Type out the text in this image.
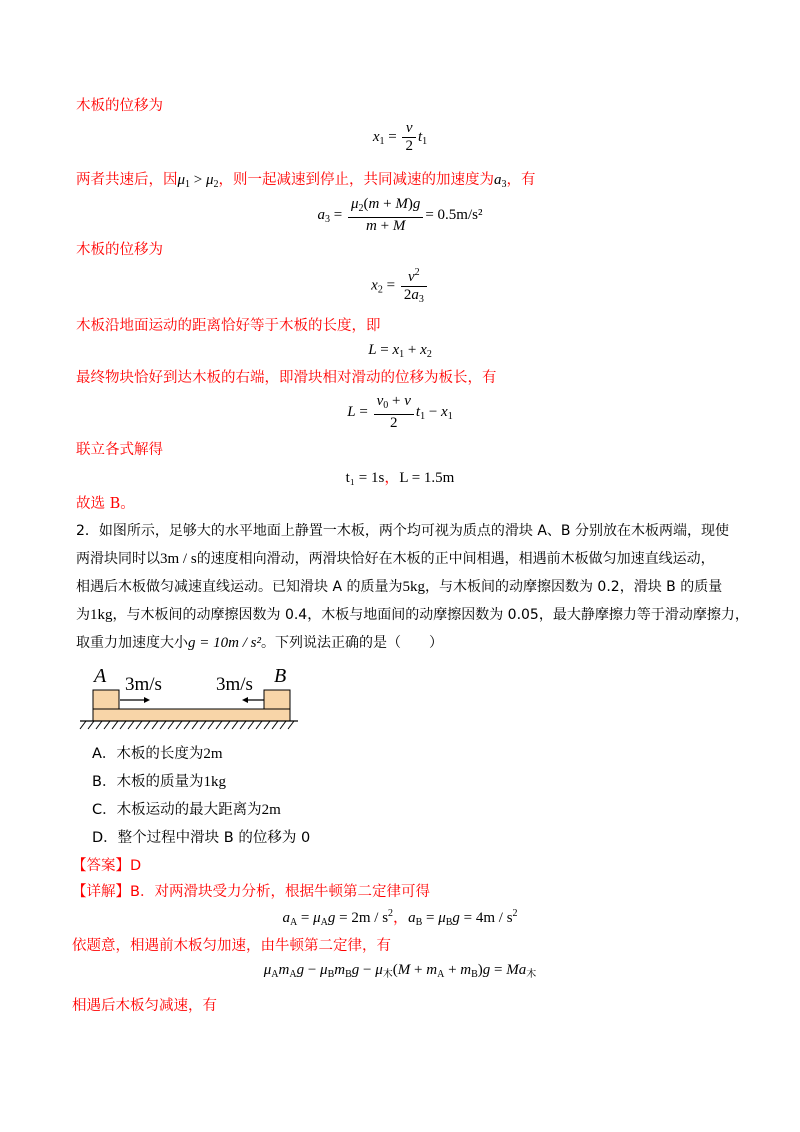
木板的位移为
$x_1 = \frac{v}{2} t_1$
两者共速后，因$\mu_1 > \mu_2$，则一起减速到停止，共同减速的加速度为$a_3$，有
$a_3 = \frac{\mu_2(m + M)g}{m + M} = 0.5m/s^2$
木板的位移为
$x_2 = \frac{v^2}{2a_3}$
木板沿地面运动的距离恰好等于木板的长度，即
$L = x_1 + x_2$
最终物块恰好到达木板的右端，即滑块相对滑动的位移为板长，有
$L = \frac{v_0 + v}{2} t_1 - x_1$
联立各式解得
t₁ = 1s，L = 1.5m
故选 B。
2．如图所示，足够大的水平地面上静置一木板，两个均可视为质点的滑块 A、B 分别放在木板两端，现使
两滑块同时以3m / s的速度相向滑动，两滑块恰好在木板的正中间相遇，相遇前木板做匀加速直线运动，
相遇后木板做匀减速直线运动。已知滑块 A 的质量为5kg，与木板间的动摩擦因数为 0.2，滑块 B 的质量
为1kg，与木板间的动摩擦因数为 0.4，木板与地面间的动摩擦因数为 0.05，最大静摩擦力等于滑动摩擦力，
取重力加速度大小g = 10m / s²。下列说法正确的是（　　）
A 3m/s	3m/s B
A．木板的长度为2m
B．木板的质量为1kg
C．木板运动的最大距离为2m
D．整个过程中滑块 B 的位移为 0
【答案】D
【详解】B．对两滑块受力分析，根据牛顿第二定律可得
$a_A = \mu_Ag = 2m / s^2$，$a_B = \mu_Bg = 4m / s^2$
依题意，相遇前木板匀加速，由牛顿第二定律，有
$\mu_Am_Ag - \mu_Bm_Bg - \mu_木(M + m_A + m_B)g = Ma_木$
相遇后木板匀减速，有
